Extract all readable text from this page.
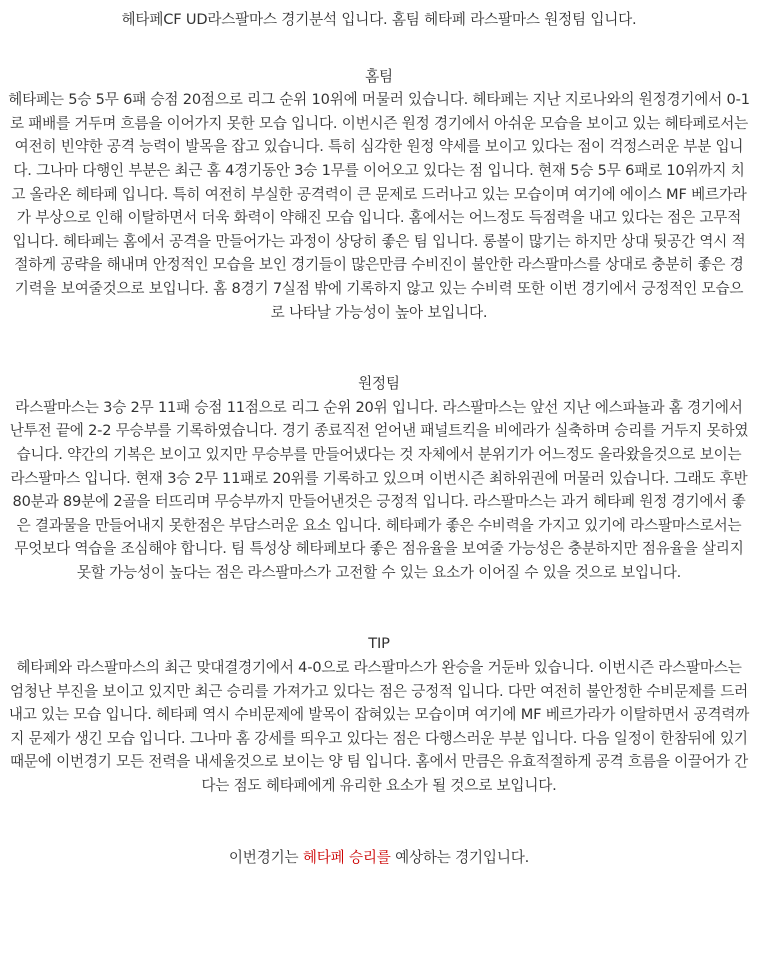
헤타페CF UD라스팔마스 경기분석 입니다. 홈팀 헤타페 라스팔마스 원정팀 입니다.

홈팀

헤타페는 5승 5무 6패 승점 20점으로 리그 순위 10위에 머물러 있습니다. 헤타페는 지난 지로나와의 원정경기에서 0-1로 패배를 거두며 흐름을 이어가지 못한 모습 입니다. 이번시즌 원정 경기에서 아쉬운 모습을 보이고 있는 헤타페로서는 여전히 빈약한 공격 능력이 발목을 잡고 있습니다. 특히 심각한 원정 약세를 보이고 있다는 점이 걱정스러운 부분 입니다. 그나마 다행인 부분은 최근 홈 4경기동안 3승 1무를 이어오고 있다는 점 입니다. 현재 5승 5무 6패로 10위까지 치고 올라온 헤타페 입니다. 특히 여전히 부실한 공격력이 큰 문제로 드러나고 있는 모습이며 여기에 에이스 MF 베르가라가 부상으로 인해 이탈하면서 더욱 화력이 약해진 모습 입니다. 홈에서는 어느정도 득점력을 내고 있다는 점은 고무적 입니다. 헤타페는 홈에서 공격을 만들어가는 과정이 상당히 좋은 팀 입니다. 롱볼이 많기는 하지만 상대 뒷공간 역시 적절하게 공략을 해내며 안정적인 모습을 보인 경기들이 많은만큼 수비진이 불안한 라스팔마스를 상대로 충분히 좋은 경기력을 보여줄것으로 보입니다. 홈 8경기 7실점 밖에 기록하지 않고 있는 수비력 또한 이번 경기에서 긍정적인 모습으로 나타날 가능성이 높아 보입니다.

원정팀

라스팔마스는 3승 2무 11패 승점 11점으로 리그 순위 20위 입니다. 라스팔마스는 앞선 지난 에스파뇰과 홈 경기에서 난투전 끝에 2-2 무승부를 기록하였습니다. 경기 종료직전 얻어낸 패널트킥을 비에라가 실축하며 승리를 거두지 못하였습니다. 약간의 기복은 보이고 있지만 무승부를 만들어냈다는 것 자체에서 분위기가 어느정도 올라왔을것으로 보이는 라스팔마스 입니다. 현재 3승 2무 11패로 20위를 기록하고 있으며 이번시즌 최하위권에 머물러 있습니다. 그래도 후반 80분과 89분에 2골을 터뜨리며 무승부까지 만들어낸것은 긍정적 입니다. 라스팔마스는 과거 헤타페 원정 경기에서 좋은 결과물을 만들어내지 못한점은 부담스러운 요소 입니다. 헤타페가 좋은 수비력을 가지고 있기에 라스팔마스로서는 무엇보다 역습을 조심해야 합니다. 팀 특성상 헤타페보다 좋은 점유율을 보여줄 가능성은 충분하지만 점유율을 살리지 못할 가능성이 높다는 점은 라스팔마스가 고전할 수 있는 요소가 이어질 수 있을 것으로 보입니다.

TIP

헤타페와 라스팔마스의 최근 맞대결경기에서 4-0으로 라스팔마스가 완승을 거둔바 있습니다. 이번시즌 라스팔마스는 엄청난 부진을 보이고 있지만 최근 승리를 가져가고 있다는 점은 긍정적 입니다. 다만 여전히 불안정한 수비문제를 드러내고 있는 모습 입니다. 헤타페 역시 수비문제에 발목이 잡혀있는 모습이며 여기에 MF 베르가라가 이탈하면서 공격력까지 문제가 생긴 모습 입니다. 그나마 홈 강세를 띄우고 있다는 점은 다행스러운 부분 입니다. 다음 일정이 한참뒤에 있기 때문에 이번경기 모든 전력을 내세울것으로 보이는 양 팀 입니다. 홈에서 만큼은 유효적절하게 공격 흐름을 이끌어가 간다는 점도 헤타페에게 유리한 요소가 될 것으로 보입니다.

이번경기는 헤타페 승리를 예상하는 경기입니다.
